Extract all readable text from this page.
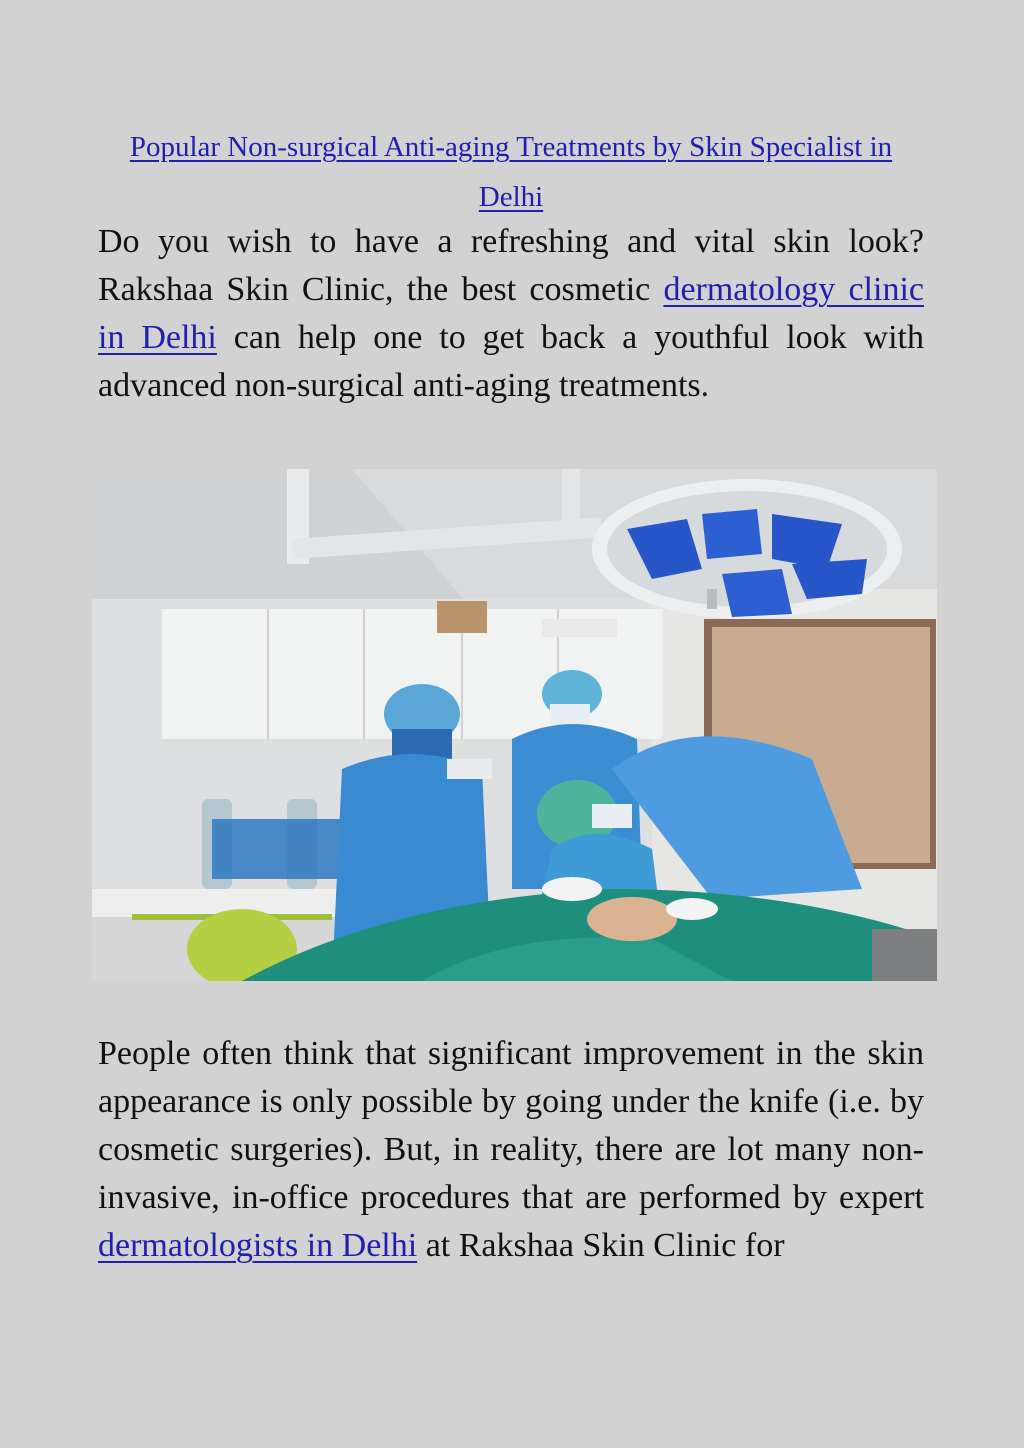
Popular Non-surgical Anti-aging Treatments by Skin Specialist in Delhi
Do you wish to have a refreshing and vital skin look? Rakshaa Skin Clinic, the best cosmetic dermatology clinic in Delhi can help one to get back a youthful look with advanced non-surgical anti-aging treatments.
People often think that significant improvement in the skin appearance is only possible by going under the knife (i.e. by cosmetic surgeries). But, in reality, there are lot many non-invasive, in-office procedures that are performed by expert dermatologists in Delhi at Rakshaa Skin Clinic for
